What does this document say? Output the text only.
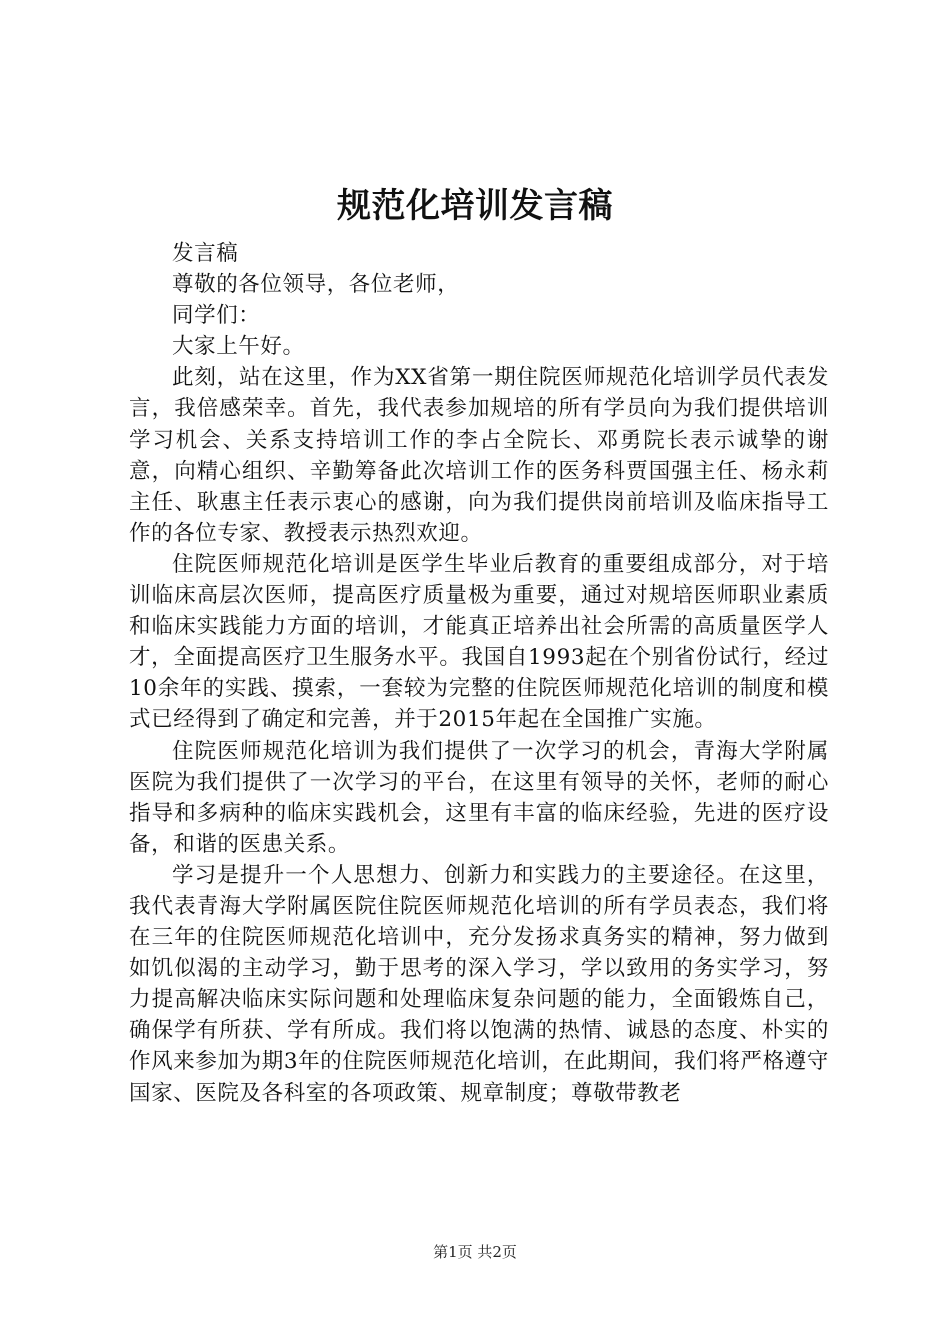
规范化培训发言稿

发言稿

尊敬的各位领导，各位老师，

同学们：

大家上午好。

此刻，站在这里，作为XX省第一期住院医师规范化培训学员代表发言，我倍感荣幸。首先，我代表参加规培的所有学员向为我们提供培训学习机会、关系支持培训工作的李占全院长、邓勇院长表示诚挚的谢意，向精心组织、辛勤筹备此次培训工作的医务科贾国强主任、杨永莉主任、耿惠主任表示衷心的感谢，向为我们提供岗前培训及临床指导工作的各位专家、教授表示热烈欢迎。

住院医师规范化培训是医学生毕业后教育的重要组成部分，对于培训临床高层次医师，提高医疗质量极为重要，通过对规培医师职业素质和临床实践能力方面的培训，才能真正培养出社会所需的高质量医学人才，全面提高医疗卫生服务水平。我国自1993起在个别省份试行，经过10余年的实践、摸索，一套较为完整的住院医师规范化培训的制度和模式已经得到了确定和完善，并于2015年起在全国推广实施。

住院医师规范化培训为我们提供了一次学习的机会，青海大学附属医院为我们提供了一次学习的平台，在这里有领导的关怀，老师的耐心指导和多病种的临床实践机会，这里有丰富的临床经验，先进的医疗设备，和谐的医患关系。

学习是提升一个人思想力、创新力和实践力的主要途径。在这里，我代表青海大学附属医院住院医师规范化培训的所有学员表态，我们将在三年的住院医师规范化培训中，充分发扬求真务实的精神，努力做到如饥似渴的主动学习，勤于思考的深入学习，学以致用的务实学习，努力提高解决临床实际问题和处理临床复杂问题的能力，全面锻炼自己，确保学有所获、学有所成。我们将以饱满的热情、诚恳的态度、朴实的作风来参加为期3年的住院医师规范化培训，在此期间，我们将严格遵守国家、医院及各科室的各项政策、规章制度；尊敬带教老

第1页 共2页
